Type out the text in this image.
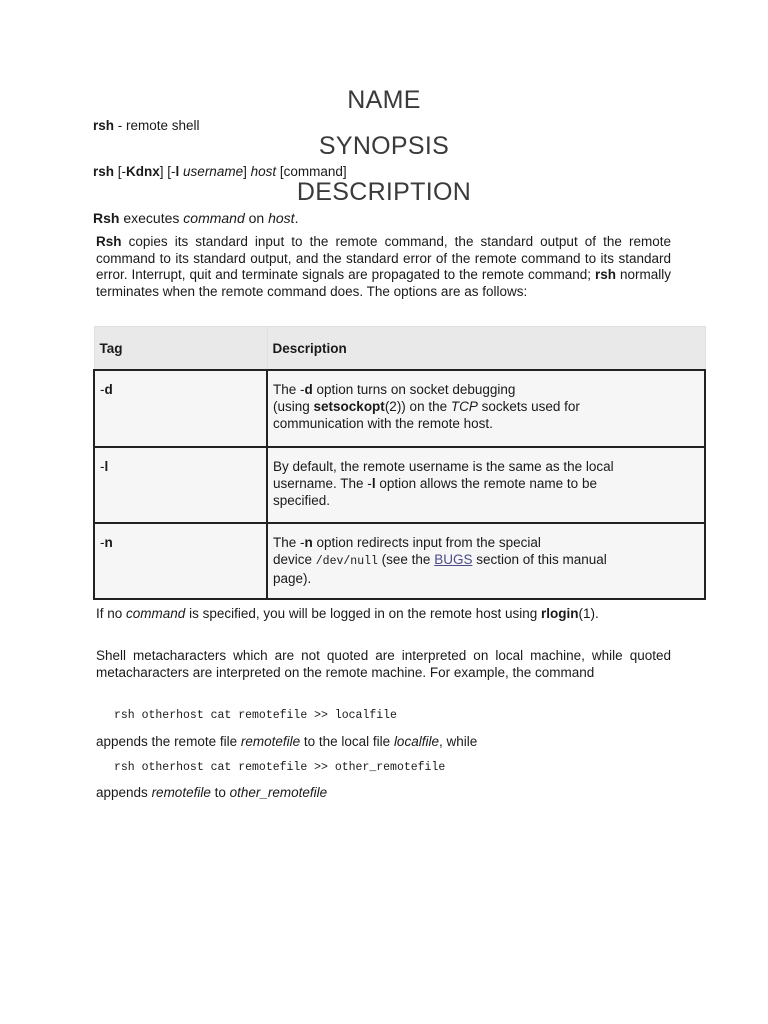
NAME

rsh - remote shell

SYNOPSIS

rsh [-Kdnx] [-l username] host [command]

DESCRIPTION

Rsh executes command on host.

Rsh copies its standard input to the remote command, the standard output of the remote command to its standard output, and the standard error of the remote command to its standard error. Interrupt, quit and terminate signals are propagated to the remote command; rsh normally terminates when the remote command does. The options are as follows:

Tag	Description
-d	The -d option turns on socket debugging
(using setsockopt(2)) on the TCP sockets used for
communication with the remote host.

-l	By default, the remote username is the same as the local
username. The -l option allows the remote name to be
specified.

-n	The -n option redirects input from the special
device /dev/null (see the BUGS section of this manual
page).

If no command is specified, you will be logged in on the remote host using rlogin(1).

Shell metacharacters which are not quoted are interpreted on local machine, while quoted metacharacters are interpreted on the remote machine. For example, the command

rsh otherhost cat remotefile >> localfile

appends the remote file remotefile to the local file localfile, while

rsh otherhost cat remotefile >> other_remotefile

appends remotefile to other_remotefile
